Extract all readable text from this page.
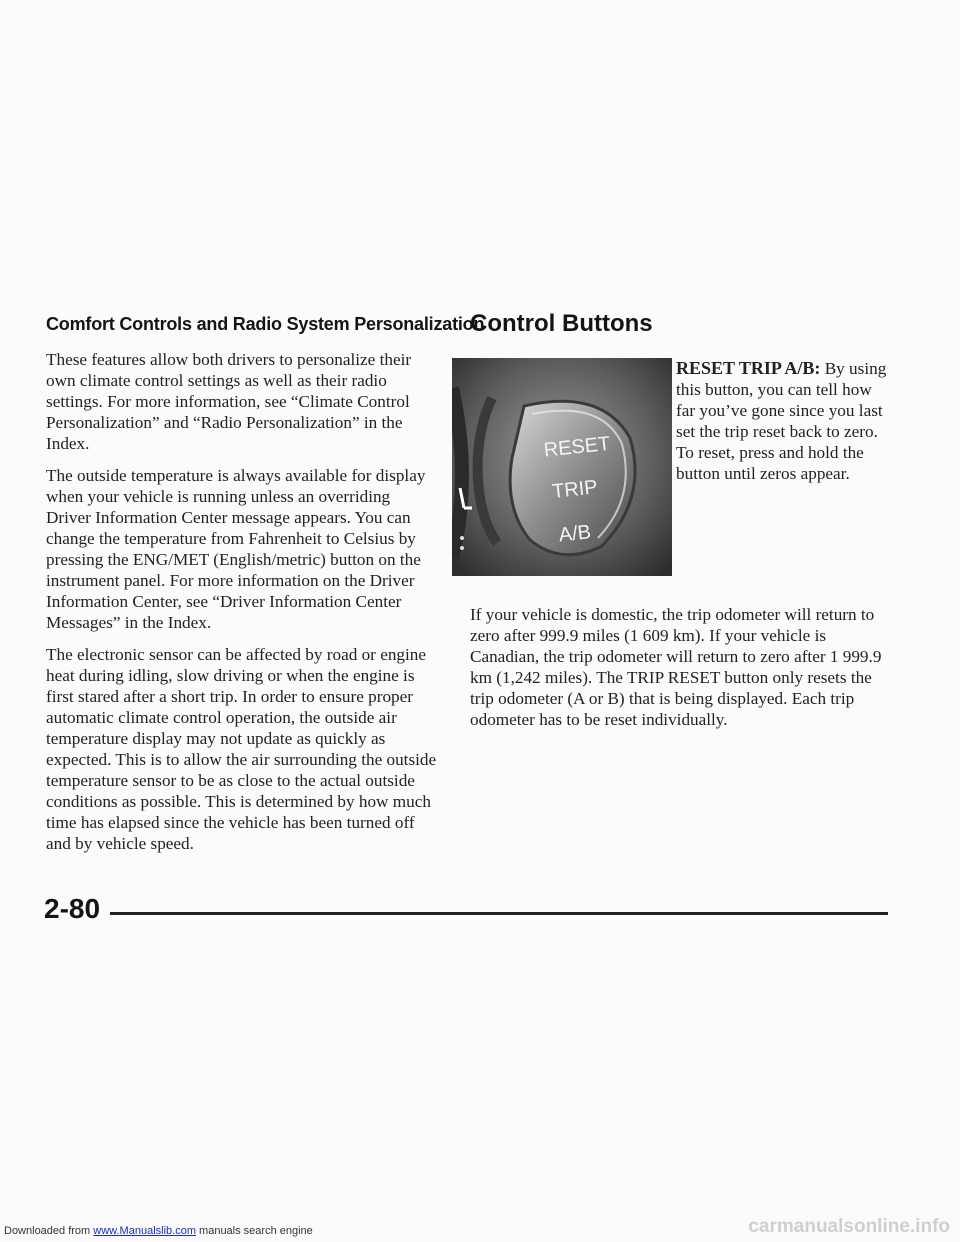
Comfort Controls and Radio System Personalization

These features allow both drivers to personalize their own climate control settings as well as their radio settings. For more information, see “Climate Control Personalization” and “Radio Personalization” in the Index.

The outside temperature is always available for display when your vehicle is running unless an overriding Driver Information Center message appears. You can change the temperature from Fahrenheit to Celsius by pressing the ENG/MET (English/metric) button on the instrument panel. For more information on the Driver Information Center, see “Driver Information Center Messages” in the Index.

The electronic sensor can be affected by road or engine heat during idling, slow driving or when the engine is first stared after a short trip. In order to ensure proper automatic climate control operation, the outside air temperature display may not update as quickly as expected. This is to allow the air surrounding the outside temperature sensor to be as close to the actual outside conditions as possible. This is determined by how much time has elapsed since the vehicle has been turned off and by vehicle speed.

Control Buttons
RESET
TRIP
A/B
RESET TRIP A/B: By using this button, you can tell how far you’ve gone since you last set the trip reset back to zero. To reset, press and hold the button until zeros appear.

If your vehicle is domestic, the trip odometer will return to zero after 999.9 miles (1 609 km). If your vehicle is Canadian, the trip odometer will return to zero after 1 999.9 km (1,242 miles). The TRIP RESET button only resets the trip odometer (A or B) that is being displayed. Each trip odometer has to be reset individually.

2-80
Downloaded from www.Manualslib.com manuals search engine	carmanualsonline.info
